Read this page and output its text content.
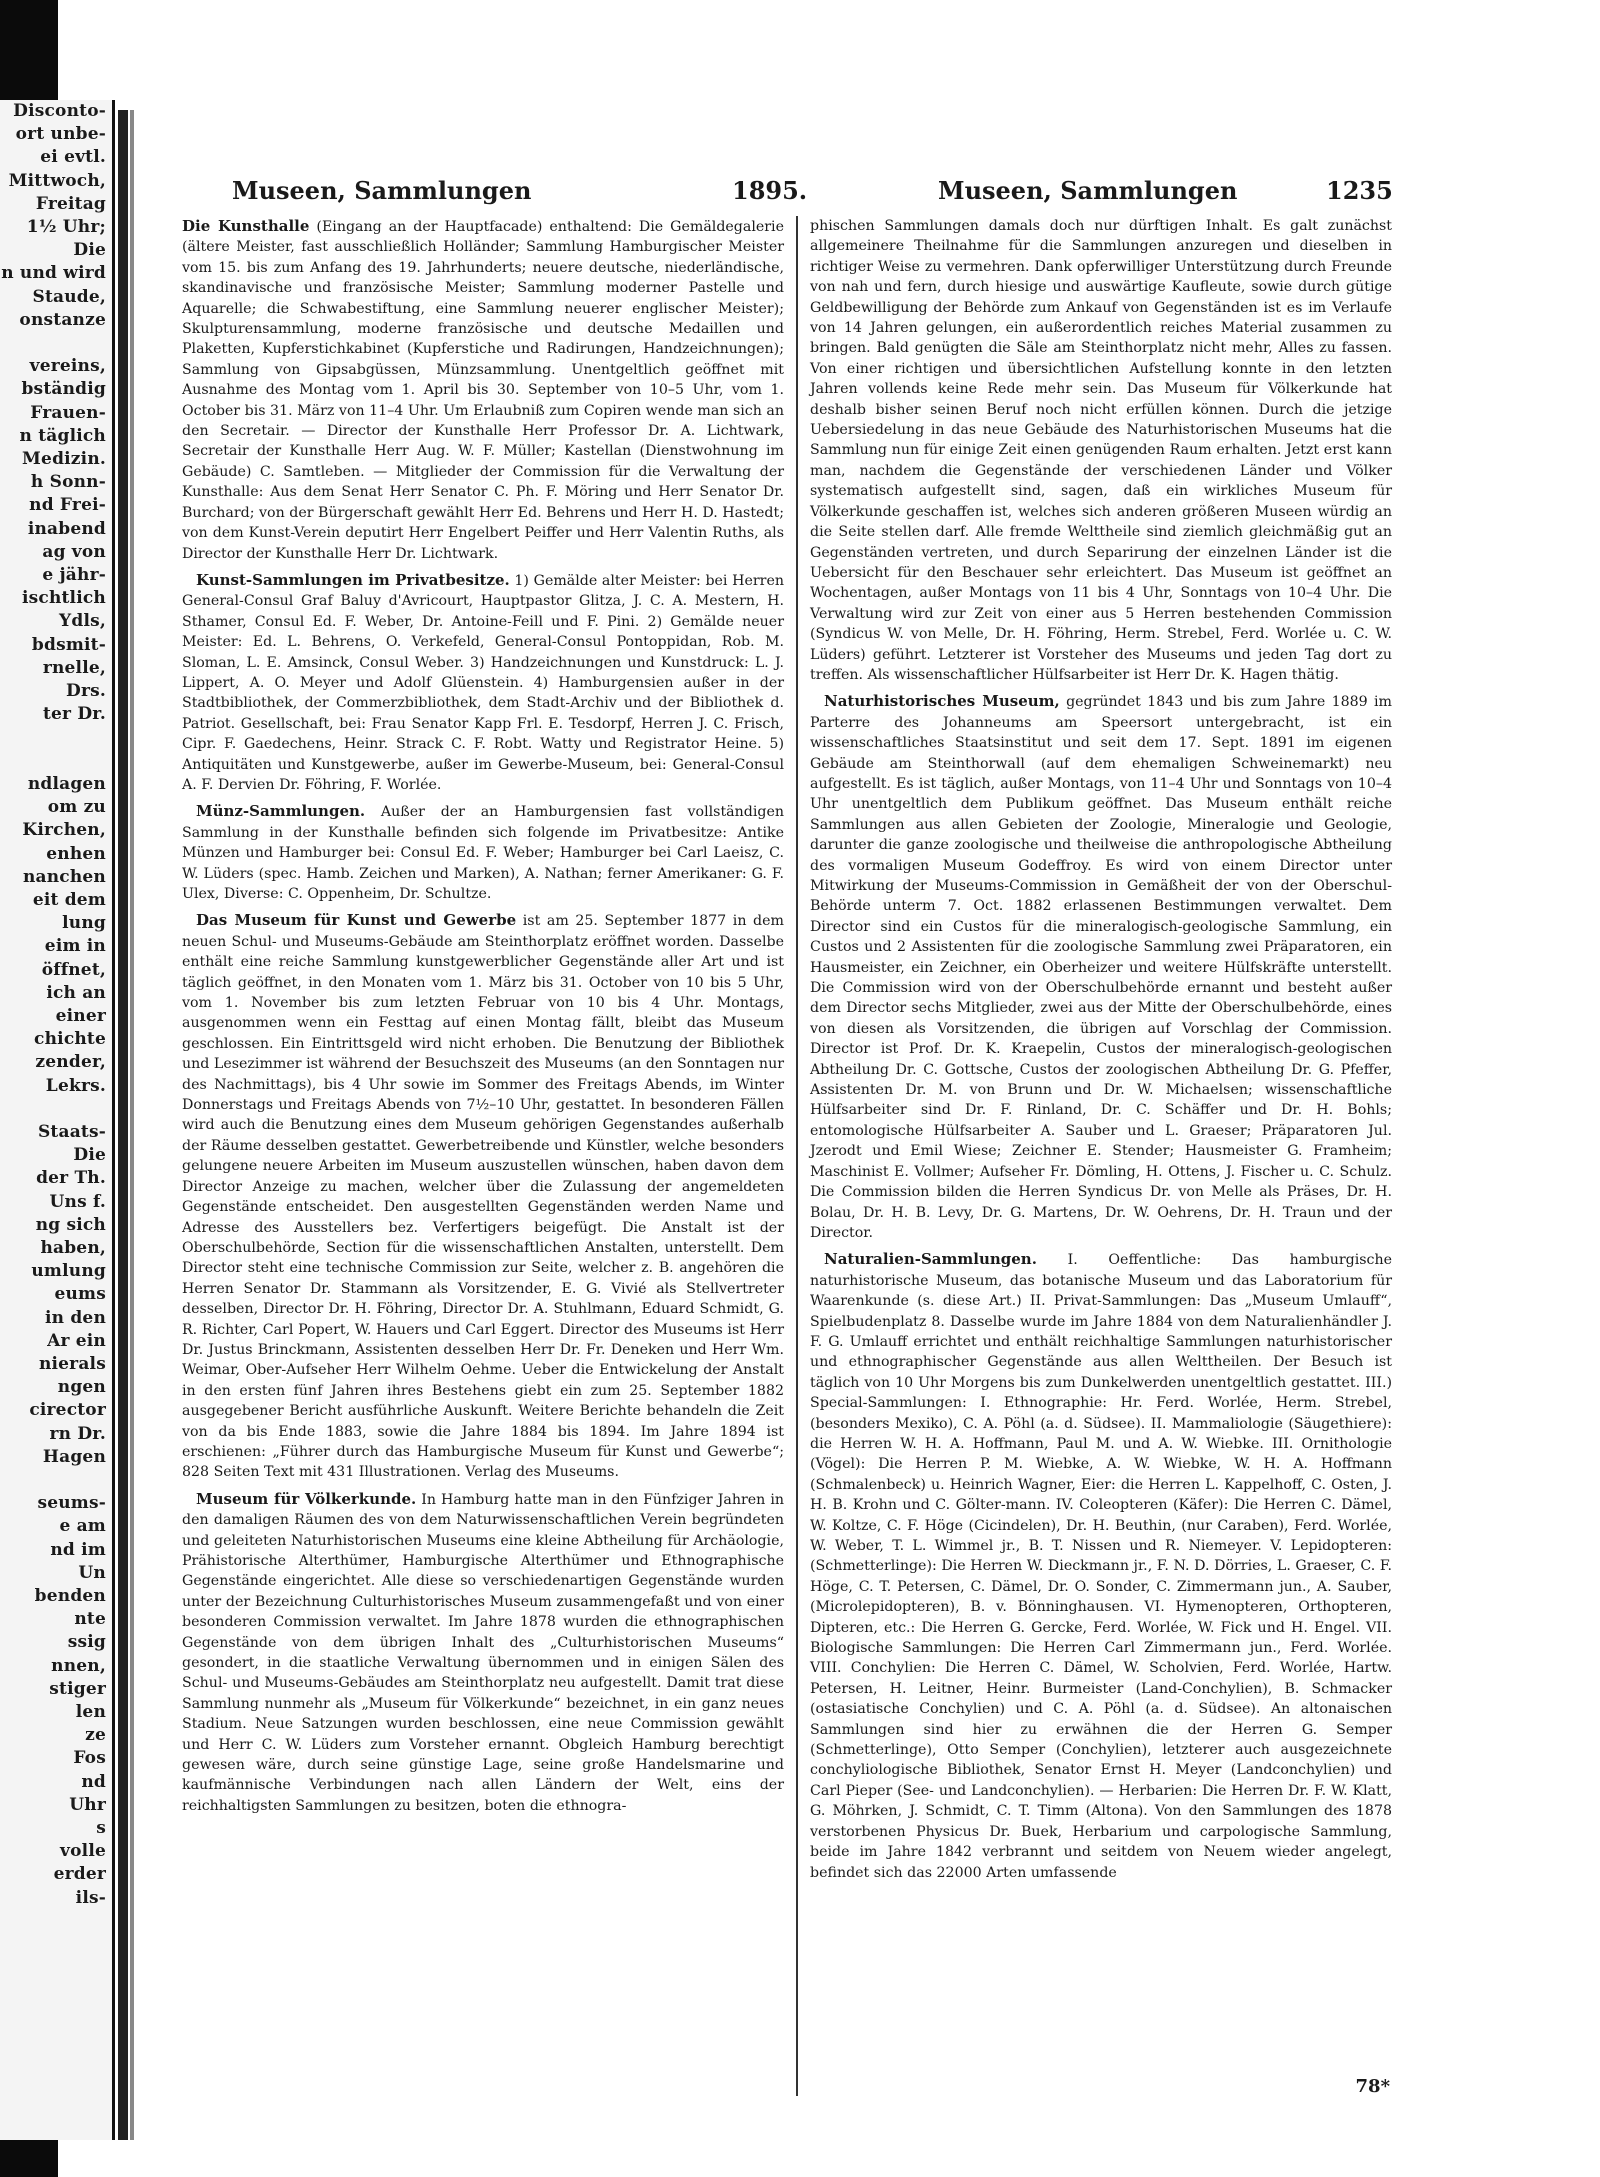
Disconto-
ort unbe-
ei evtl.
Mittwoch,
Freitag
1½ Uhr;
Die
n und wird
Staude,
onstanze

vereins,
bständig
Frauen-
n täglich
Medizin.
h Sonn-
nd Frei-
inabend
ag von
e jähr-
ischtlich
Ydls,
bdsmit-
rnelle,
Drs.
ter Dr.

ndlagen
om zu
Kirchen,
enhen
nanchen
eit dem
lung
eim in
öffnet,
ich an
einer
chichte
zender,
Lekrs.

Staats-
Die
der Th.
Uns f.
ng sich
haben,
umlung
eums
in den
Ar ein
nierals
ngen
cirector
rn Dr.
Hagen

seums-
e am
nd im
Un
benden
nte
ssig
nnen,
stiger
len
ze
Fos
nd
Uhr
s
volle
erder
ils-
Museen, Sammlungen	1895.	Museen, Sammlungen	1235

Die Kunsthalle (Eingang an der Hauptfacade) enthaltend: Die Gemäldegalerie (ältere Meister, fast ausschließlich Holländer; Sammlung Hamburgischer Meister vom 15. bis zum Anfang des 19. Jahrhunderts; neuere deutsche, niederländische, skandinavische und französische Meister; Sammlung moderner Pastelle und Aquarelle; die Schwabestiftung, eine Sammlung neuerer englischer Meister); Skulpturensammlung, moderne französische und deutsche Medaillen und Plaketten, Kupferstichkabinet (Kupferstiche und Radirungen, Handzeichnungen); Sammlung von Gipsabgüssen, Münzsammlung. Unentgeltlich geöffnet mit Ausnahme des Montag vom 1. April bis 30. September von 10–5 Uhr, vom 1. October bis 31. März von 11–4 Uhr. Um Erlaubniß zum Copiren wende man sich an den Secretair. — Director der Kunsthalle Herr Professor Dr. A. Lichtwark, Secretair der Kunsthalle Herr Aug. W. F. Müller; Kastellan (Dienstwohnung im Gebäude) C. Samtleben. — Mitglieder der Commission für die Verwaltung der Kunsthalle: Aus dem Senat Herr Senator C. Ph. F. Möring und Herr Senator Dr. Burchard; von der Bürgerschaft gewählt Herr Ed. Behrens und Herr H. D. Hastedt; von dem Kunst-Verein deputirt Herr Engelbert Peiffer und Herr Valentin Ruths, als Director der Kunsthalle Herr Dr. Lichtwark.

Kunst-Sammlungen im Privatbesitze. 1) Gemälde alter Meister: bei Herren General-Consul Graf Baluy d'Avricourt, Hauptpastor Glitza, J. C. A. Mestern, H. Sthamer, Consul Ed. F. Weber, Dr. Antoine-Feill und F. Pini. 2) Gemälde neuer Meister: Ed. L. Behrens, O. Verkefeld, General-Consul Pontoppidan, Rob. M. Sloman, L. E. Amsinck, Consul Weber. 3) Handzeichnungen und Kunstdruck: L. J. Lippert, A. O. Meyer und Adolf Glüenstein. 4) Hamburgensien außer in der Stadtbibliothek, der Commerzbibliothek, dem Stadt-Archiv und der Bibliothek d. Patriot. Gesellschaft, bei: Frau Senator Kapp Frl. E. Tesdorpf, Herren J. C. Frisch, Cipr. F. Gaedechens, Heinr. Strack C. F. Robt. Watty und Registrator Heine. 5) Antiquitäten und Kunstgewerbe, außer im Gewerbe-Museum, bei: General-Consul A. F. Dervien Dr. Föhring, F. Worlée.

Münz-Sammlungen. Außer der an Hamburgensien fast vollständigen Sammlung in der Kunsthalle befinden sich folgende im Privatbesitze: Antike Münzen und Hamburger bei: Consul Ed. F. Weber; Hamburger bei Carl Laeisz, C. W. Lüders (spec. Hamb. Zeichen und Marken), A. Nathan; ferner Amerikaner: G. F. Ulex, Diverse: C. Oppenheim, Dr. Schultze.

Das Museum für Kunst und Gewerbe ist am 25. September 1877 in dem neuen Schul- und Museums-Gebäude am Steinthorplatz eröffnet worden. Dasselbe enthält eine reiche Sammlung kunstgewerblicher Gegenstände aller Art und ist täglich geöffnet, in den Monaten vom 1. März bis 31. October von 10 bis 5 Uhr, vom 1. November bis zum letzten Februar von 10 bis 4 Uhr. Montags, ausgenommen wenn ein Festtag auf einen Montag fällt, bleibt das Museum geschlossen. Ein Eintrittsgeld wird nicht erhoben. Die Benutzung der Bibliothek und Lesezimmer ist während der Besuchszeit des Museums (an den Sonntagen nur des Nachmittags), bis 4 Uhr sowie im Sommer des Freitags Abends, im Winter Donnerstags und Freitags Abends von 7½–10 Uhr, gestattet. In besonderen Fällen wird auch die Benutzung eines dem Museum gehörigen Gegenstandes außerhalb der Räume desselben gestattet. Gewerbetreibende und Künstler, welche besonders gelungene neuere Arbeiten im Museum auszustellen wünschen, haben davon dem Director Anzeige zu machen, welcher über die Zulassung der angemeldeten Gegenstände entscheidet. Den ausgestellten Gegenständen werden Name und Adresse des Ausstellers bez. Verfertigers beigefügt. Die Anstalt ist der Oberschulbehörde, Section für die wissenschaftlichen Anstalten, unterstellt. Dem Director steht eine technische Commission zur Seite, welcher z. B. angehören die Herren Senator Dr. Stammann als Vorsitzender, E. G. Vivié als Stellvertreter desselben, Director Dr. H. Föhring, Director Dr. A. Stuhlmann, Eduard Schmidt, G. R. Richter, Carl Popert, W. Hauers und Carl Eggert. Director des Museums ist Herr Dr. Justus Brinckmann, Assistenten desselben Herr Dr. Fr. Deneken und Herr Wm. Weimar, Ober-Aufseher Herr Wilhelm Oehme. Ueber die Entwickelung der Anstalt in den ersten fünf Jahren ihres Bestehens giebt ein zum 25. September 1882 ausgegebener Bericht ausführliche Auskunft. Weitere Berichte behandeln die Zeit von da bis Ende 1883, sowie die Jahre 1884 bis 1894. Im Jahre 1894 ist erschienen: „Führer durch das Hamburgische Museum für Kunst und Gewerbe“; 828 Seiten Text mit 431 Illustrationen. Verlag des Museums.

Museum für Völkerkunde. In Hamburg hatte man in den Fünfziger Jahren in den damaligen Räumen des von dem Naturwissenschaftlichen Verein begründeten und geleiteten Naturhistorischen Museums eine kleine Abtheilung für Archäologie, Prähistorische Alterthümer, Hamburgische Alterthümer und Ethnographische Gegenstände eingerichtet. Alle diese so verschiedenartigen Gegenstände wurden unter der Bezeichnung Culturhistorisches Museum zusammengefaßt und von einer besonderen Commission verwaltet. Im Jahre 1878 wurden die ethnographischen Gegenstände von dem übrigen Inhalt des „Culturhistorischen Museums“ gesondert, in die staatliche Verwaltung übernommen und in einigen Sälen des Schul- und Museums-Gebäudes am Steinthorplatz neu aufgestellt. Damit trat diese Sammlung nunmehr als „Museum für Völkerkunde“ bezeichnet, in ein ganz neues Stadium. Neue Satzungen wurden beschlossen, eine neue Commission gewählt und Herr C. W. Lüders zum Vorsteher ernannt. Obgleich Hamburg berechtigt gewesen wäre, durch seine günstige Lage, seine große Handelsmarine und kaufmännische Verbindungen nach allen Ländern der Welt, eins der reichhaltigsten Sammlungen zu besitzen, boten die ethnogra-

phischen Sammlungen damals doch nur dürftigen Inhalt. Es galt zunächst allgemeinere Theilnahme für die Sammlungen anzuregen und dieselben in richtiger Weise zu vermehren. Dank opferwilliger Unterstützung durch Freunde von nah und fern, durch hiesige und auswärtige Kaufleute, sowie durch gütige Geldbewilligung der Behörde zum Ankauf von Gegenständen ist es im Verlaufe von 14 Jahren gelungen, ein außerordentlich reiches Material zusammen zu bringen. Bald genügten die Säle am Steinthorplatz nicht mehr, Alles zu fassen. Von einer richtigen und übersichtlichen Aufstellung konnte in den letzten Jahren vollends keine Rede mehr sein. Das Museum für Völkerkunde hat deshalb bisher seinen Beruf noch nicht erfüllen können. Durch die jetzige Uebersiedelung in das neue Gebäude des Naturhistorischen Museums hat die Sammlung nun für einige Zeit einen genügenden Raum erhalten. Jetzt erst kann man, nachdem die Gegenstände der verschiedenen Länder und Völker systematisch aufgestellt sind, sagen, daß ein wirkliches Museum für Völkerkunde geschaffen ist, welches sich anderen größeren Museen würdig an die Seite stellen darf. Alle fremde Welttheile sind ziemlich gleichmäßig gut an Gegenständen vertreten, und durch Separirung der einzelnen Länder ist die Uebersicht für den Beschauer sehr erleichtert. Das Museum ist geöffnet an Wochentagen, außer Montags von 11 bis 4 Uhr, Sonntags von 10–4 Uhr. Die Verwaltung wird zur Zeit von einer aus 5 Herren bestehenden Commission (Syndicus W. von Melle, Dr. H. Föhring, Herm. Strebel, Ferd. Worlée u. C. W. Lüders) geführt. Letzterer ist Vorsteher des Museums und jeden Tag dort zu treffen. Als wissenschaftlicher Hülfsarbeiter ist Herr Dr. K. Hagen thätig.

Naturhistorisches Museum, gegründet 1843 und bis zum Jahre 1889 im Parterre des Johanneums am Speersort untergebracht, ist ein wissenschaftliches Staatsinstitut und seit dem 17. Sept. 1891 im eigenen Gebäude am Steinthorwall (auf dem ehemaligen Schweinemarkt) neu aufgestellt. Es ist täglich, außer Montags, von 11–4 Uhr und Sonntags von 10–4 Uhr unentgeltlich dem Publikum geöffnet. Das Museum enthält reiche Sammlungen aus allen Gebieten der Zoologie, Mineralogie und Geologie, darunter die ganze zoologische und theilweise die anthropologische Abtheilung des vormaligen Museum Godeffroy. Es wird von einem Director unter Mitwirkung der Museums-Commission in Gemäßheit der von der Oberschul-Behörde unterm 7. Oct. 1882 erlassenen Bestimmungen verwaltet. Dem Director sind ein Custos für die mineralogisch-geologische Sammlung, ein Custos und 2 Assistenten für die zoologische Sammlung zwei Präparatoren, ein Hausmeister, ein Zeichner, ein Oberheizer und weitere Hülfskräfte unterstellt. Die Commission wird von der Oberschulbehörde ernannt und besteht außer dem Director sechs Mitglieder, zwei aus der Mitte der Oberschulbehörde, eines von diesen als Vorsitzenden, die übrigen auf Vorschlag der Commission. Director ist Prof. Dr. K. Kraepelin, Custos der mineralogisch-geologischen Abtheilung Dr. C. Gottsche, Custos der zoologischen Abtheilung Dr. G. Pfeffer, Assistenten Dr. M. von Brunn und Dr. W. Michaelsen; wissenschaftliche Hülfsarbeiter sind Dr. F. Rinland, Dr. C. Schäffer und Dr. H. Bohls; entomologische Hülfsarbeiter A. Sauber und L. Graeser; Präparatoren Jul. Jzerodt und Emil Wiese; Zeichner E. Stender; Hausmeister G. Framheim; Maschinist E. Vollmer; Aufseher Fr. Dömling, H. Ottens, J. Fischer u. C. Schulz. Die Commission bilden die Herren Syndicus Dr. von Melle als Präses, Dr. H. Bolau, Dr. H. B. Levy, Dr. G. Martens, Dr. W. Oehrens, Dr. H. Traun und der Director.

Naturalien-Sammlungen. I. Oeffentliche: Das hamburgische naturhistorische Museum, das botanische Museum und das Laboratorium für Waarenkunde (s. diese Art.) II. Privat-Sammlungen: Das „Museum Umlauff“, Spielbudenplatz 8. Dasselbe wurde im Jahre 1884 von dem Naturalienhändler J. F. G. Umlauff errichtet und enthält reichhaltige Sammlungen naturhistorischer und ethnographischer Gegenstände aus allen Welttheilen. Der Besuch ist täglich von 10 Uhr Morgens bis zum Dunkelwerden unentgeltlich gestattet. III.) Special-Sammlungen: I. Ethnographie: Hr. Ferd. Worlée, Herm. Strebel, (besonders Mexiko), C. A. Pöhl (a. d. Südsee). II. Mammaliologie (Säugethiere): die Herren W. H. A. Hoffmann, Paul M. und A. W. Wiebke. III. Ornithologie (Vögel): Die Herren P. M. Wiebke, A. W. Wiebke, W. H. A. Hoffmann (Schmalenbeck) u. Heinrich Wagner, Eier: die Herren L. Kappelhoff, C. Osten, J. H. B. Krohn und C. Gölter-mann. IV. Coleopteren (Käfer): Die Herren C. Dämel, W. Koltze, C. F. Höge (Cicindelen), Dr. H. Beuthin, (nur Caraben), Ferd. Worlée, W. Weber, T. L. Wimmel jr., B. T. Nissen und R. Niemeyer. V. Lepidopteren: (Schmetterlinge): Die Herren W. Dieckmann jr., F. N. D. Dörries, L. Graeser, C. F. Höge, C. T. Petersen, C. Dämel, Dr. O. Sonder, C. Zimmermann jun., A. Sauber, (Microlepidopteren), B. v. Bönninghausen. VI. Hymenopteren, Orthopteren, Dipteren, etc.: Die Herren G. Gercke, Ferd. Worlée, W. Fick und H. Engel. VII. Biologische Sammlungen: Die Herren Carl Zimmermann jun., Ferd. Worlée. VIII. Conchylien: Die Herren C. Dämel, W. Scholvien, Ferd. Worlée, Hartw. Petersen, H. Leitner, Heinr. Burmeister (Land-Conchylien), B. Schmacker (ostasiatische Conchylien) und C. A. Pöhl (a. d. Südsee). An altonaischen Sammlungen sind hier zu erwähnen die der Herren G. Semper (Schmetterlinge), Otto Semper (Conchylien), letzterer auch ausgezeichnete conchyliologische Bibliothek, Senator Ernst H. Meyer (Landconchylien) und Carl Pieper (See- und Landconchylien). — Herbarien: Die Herren Dr. F. W. Klatt, G. Möhrken, J. Schmidt, C. T. Timm (Altona). Von den Sammlungen des 1878 verstorbenen Physicus Dr. Buek, Herbarium und carpologische Sammlung, beide im Jahre 1842 verbrannt und seitdem von Neuem wieder angelegt, befindet sich das 22000 Arten umfassende

78*
